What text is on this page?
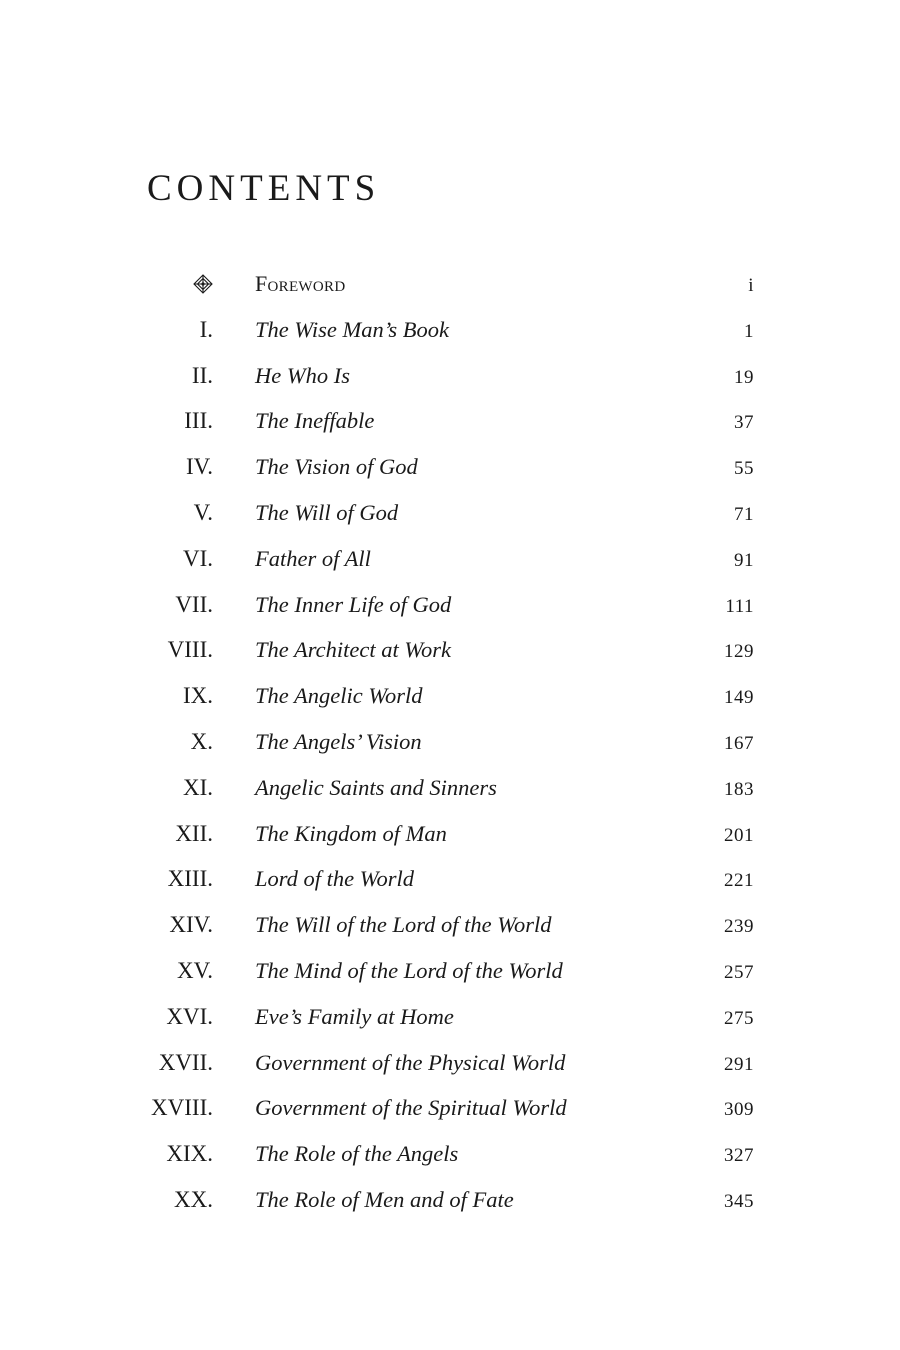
CONTENTS
Foreword	i
I. The Wise Man’s Book	1
II. He Who Is	19
III. The Ineffable	37
IV. The Vision of God	55
V. The Will of God	71
VI. Father of All	91
VII. The Inner Life of God	111
VIII. The Architect at Work	129
IX. The Angelic World	149
X. The Angels’ Vision	167
XI. Angelic Saints and Sinners	183
XII. The Kingdom of Man	201
XIII. Lord of the World	221
XIV. The Will of the Lord of the World	239
XV. The Mind of the Lord of the World	257
XVI. Eve’s Family at Home	275
XVII. Government of the Physical World	291
XVIII. Government of the Spiritual World	309
XIX. The Role of the Angels	327
XX. The Role of Men and of Fate	345
